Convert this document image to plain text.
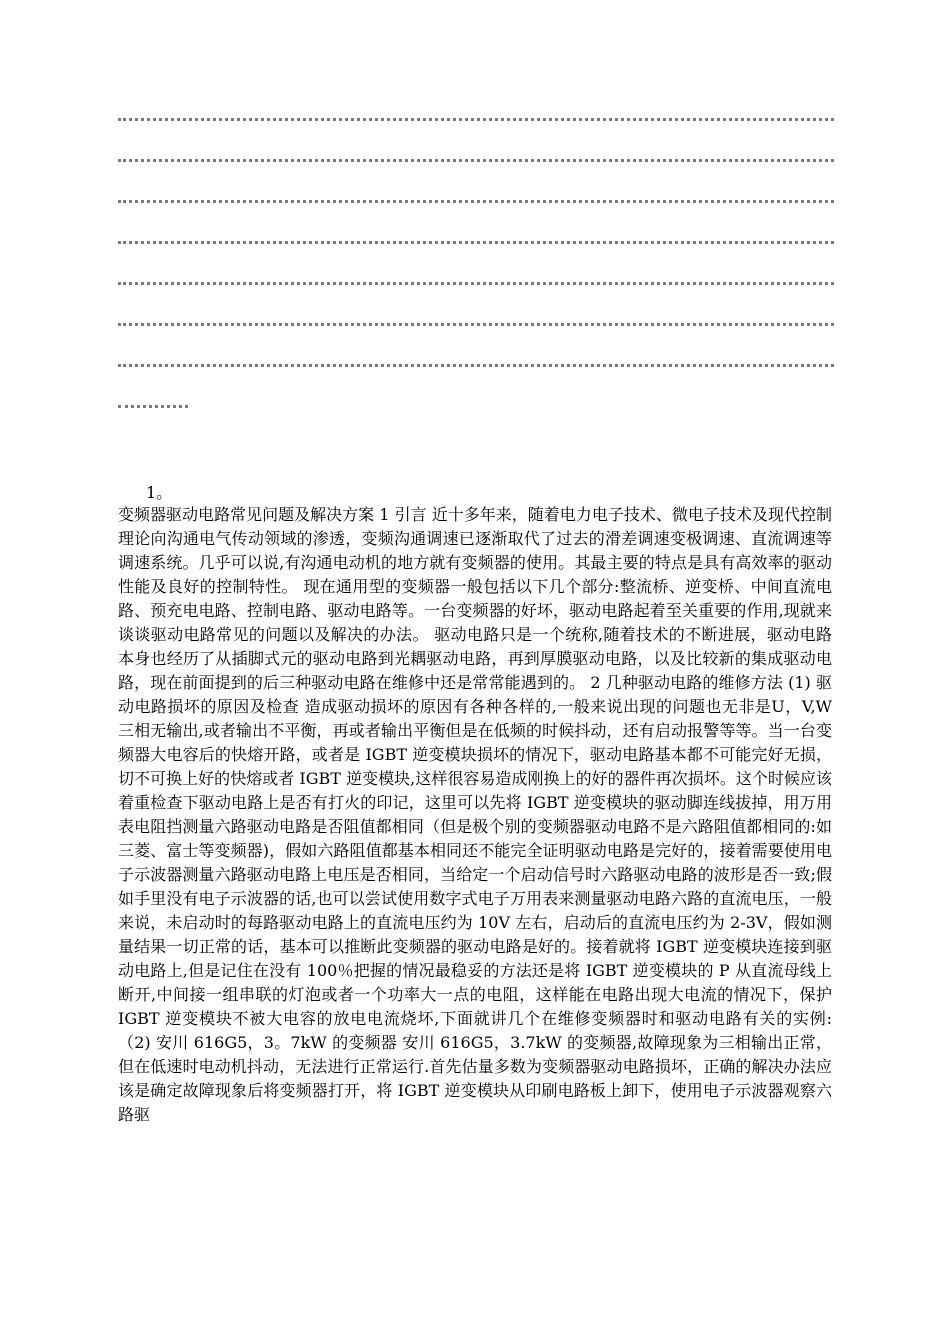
1。
变频器驱动电路常见问题及解决方案 1 引言 近十多年来，随着电力电子技术、微电子技术及现代控制理论向沟通电气传动领域的渗透，变频沟通调速已逐渐取代了过去的滑差调速变极调速、直流调速等调速系统。几乎可以说,有沟通电动机的地方就有变频器的使用。其最主要的特点是具有高效率的驱动性能及良好的控制特性。 现在通用型的变频器一般包括以下几个部分:整流桥、逆变桥、中间直流电路、预充电电路、控制电路、驱动电路等。一台变频器的好坏，驱动电路起着至关重要的作用,现就来谈谈驱动电路常见的问题以及解决的办法。 驱动电路只是一个统称,随着技术的不断进展，驱动电路本身也经历了从插脚式元的驱动电路到光耦驱动电路，再到厚膜驱动电路，以及比较新的集成驱动电路，现在前面提到的后三种驱动电路在维修中还是常常能遇到的。 2 几种驱动电路的维修方法 (1) 驱动电路损坏的原因及检查 造成驱动损坏的原因有各种各样的,一般来说出现的问题也无非是U，V,W 三相无输出,或者输出不平衡，再或者输出平衡但是在低频的时候抖动，还有启动报警等等。当一台变频器大电容后的快熔开路，或者是 IGBT 逆变模块损坏的情况下，驱动电路基本都不可能完好无损，切不可换上好的快熔或者 IGBT 逆变模块,这样很容易造成刚换上的好的器件再次损坏。这个时候应该着重检查下驱动电路上是否有打火的印记，这里可以先将 IGBT 逆变模块的驱动脚连线拔掉，用万用表电阻挡测量六路驱动电路是否阻值都相同（但是极个别的变频器驱动电路不是六路阻值都相同的:如三菱、富士等变频器)，假如六路阻值都基本相同还不能完全证明驱动电路是完好的，接着需要使用电子示波器测量六路驱动电路上电压是否相同，当给定一个启动信号时六路驱动电路的波形是否一致;假如手里没有电子示波器的话,也可以尝试使用数字式电子万用表来测量驱动电路六路的直流电压，一般来说，未启动时的每路驱动电路上的直流电压约为 10V 左右，启动后的直流电压约为 2-3V，假如测量结果一切正常的话，基本可以推断此变频器的驱动电路是好的。接着就将 IGBT 逆变模块连接到驱动电路上,但是记住在没有 100％把握的情况最稳妥的方法还是将 IGBT 逆变模块的 P 从直流母线上断开,中间接一组串联的灯泡或者一个功率大一点的电阻，这样能在电路出现大电流的情况下，保护 IGBT 逆变模块不被大电容的放电电流烧坏,下面就讲几个在维修变频器时和驱动电路有关的实例: （2) 安川 616G5，3。7kW 的变频器 安川 616G5，3.7kW 的变频器,故障现象为三相输出正常，但在低速时电动机抖动，无法进行正常运行.首先估量多数为变频器驱动电路损坏，正确的解决办法应该是确定故障现象后将变频器打开，将 IGBT 逆变模块从印刷电路板上卸下，使用电子示波器观察六路驱
